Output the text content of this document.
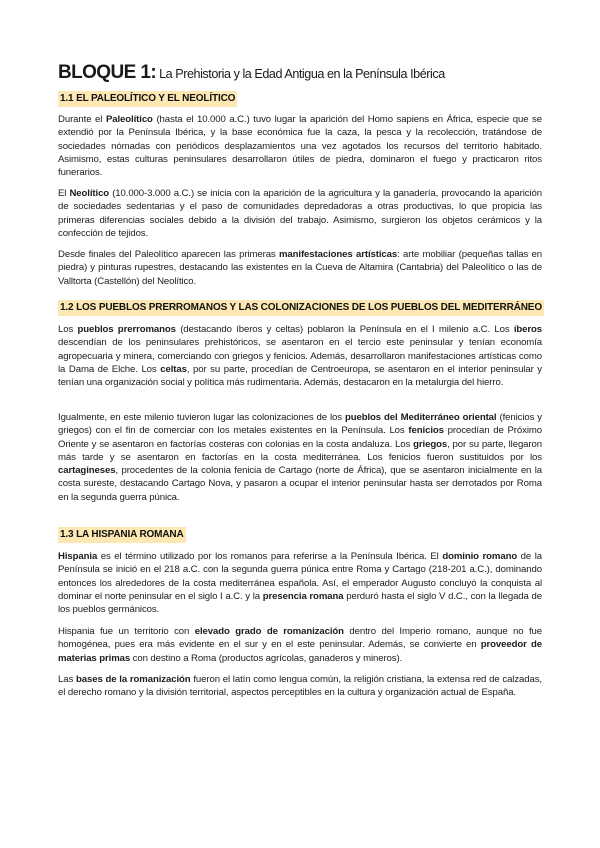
BLOQUE 1: La Prehistoria y la Edad Antigua en la Península Ibérica
1.1 EL PALEOLÍTICO Y EL NEOLÍTICO
Durante el Paleolítico (hasta el 10.000 a.C.) tuvo lugar la aparición del Homo sapiens en África, especie que se extendió por la Península Ibérica, y la base económica fue la caza, la pesca y la recolección, tratándose de sociedades nómadas con periódicos desplazamientos una vez agotados los recursos del territorio habitado. Asimismo, estas culturas peninsulares desarrollaron útiles de piedra, dominaron el fuego y practicaron ritos funerarios.
El Neolítico (10.000-3.000 a.C.) se inicia con la aparición de la agricultura y la ganadería, provocando la aparición de sociedades sedentarias y el paso de comunidades depredadoras a otras productivas, lo que propicia las primeras diferencias sociales debido a la división del trabajo. Asimismo, surgieron los objetos cerámicos y la confección de tejidos.
Desde finales del Paleolítico aparecen las primeras manifestaciones artísticas: arte mobiliar (pequeñas tallas en piedra) y pinturas rupestres, destacando las existentes en la Cueva de Altamira (Cantabria) del Paleolítico o las de Valltorta (Castellón) del Neolítico.
1.2 LOS PUEBLOS PRERROMANOS Y LAS COLONIZACIONES DE LOS PUEBLOS DEL MEDITERRÁNEO
Los pueblos prerromanos (destacando íberos y celtas) poblaron la Península en el I milenio a.C. Los íberos descendían de los peninsulares prehistóricos, se asentaron en el tercio este peninsular y tenían economía agropecuaria y minera, comerciando con griegos y fenicios. Además, desarrollaron manifestaciones artísticas como la Dama de Elche. Los celtas, por su parte, procedían de Centroeuropa, se asentaron en el interior peninsular y tenían una organización social y política más rudimentaria. Además, destacaron en la metalurgia del hierro.
Igualmente, en este milenio tuvieron lugar las colonizaciones de los pueblos del Mediterráneo oriental (fenicios y griegos) con el fin de comerciar con los metales existentes en la Península. Los fenicios procedían de Próximo Oriente y se asentaron en factorías costeras con colonias en la costa andaluza. Los griegos, por su parte, llegaron más tarde y se asentaron en factorías en la costa mediterránea. Los fenicios fueron sustituidos por los cartagineses, procedentes de la colonia fenicia de Cartago (norte de África), que se asentaron inicialmente en la costa sureste, destacando Cartago Nova, y pasaron a ocupar el interior peninsular hasta ser derrotados por Roma en la segunda guerra púnica.
1.3 LA HISPANIA ROMANA
Hispania es el término utilizado por los romanos para referirse a la Península Ibérica. El dominio romano de la Península se inició en el 218 a.C. con la segunda guerra púnica entre Roma y Cartago (218-201 a.C.), dominando entonces los alrededores de la costa mediterránea española. Así, el emperador Augusto concluyó la conquista al dominar el norte peninsular en el siglo I a.C. y la presencia romana perduró hasta el siglo V d.C., con la llegada de los pueblos germánicos.
Hispania fue un territorio con elevado grado de romanización dentro del Imperio romano, aunque no fue homogénea, pues era más evidente en el sur y en el este peninsular. Además, se convierte en proveedor de materias primas con destino a Roma (productos agrícolas, ganaderos y mineros).
Las bases de la romanización fueron el latín como lengua común, la religión cristiana, la extensa red de calzadas, el derecho romano y la división territorial, aspectos perceptibles en la cultura y organización actual de España.
